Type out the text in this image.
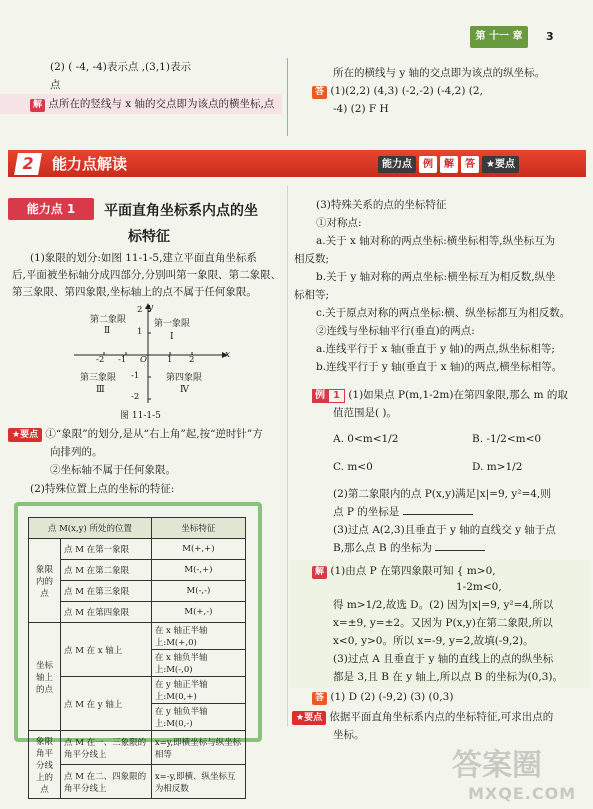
第 十一 章	3
(2) ( -4, -4)表示点 ,(3,1)表示
点
解 点所在的竖线与 x 轴的交点即为该点的横坐标,点
所在的横线与 y 轴的交点即为该点的纵坐标。
答 (1)(2,2) (4,3) (-2,-2) (-4,2) (2,
-4) (2) F H
2	能力点解读	能力点	例	解	答	★要点
能力点 1	平面直角坐标系内点的坐
标特征
(1)象限的划分:如图 11-1-5,建立平面直角坐标系
后,平面被坐标轴分成四部分,分别叫第一象限、第二象限、
第三象限、第四象限,坐标轴上的点不属于任何象限。
y
x
O
2
1
-2 -1	1 2
-1
-2
第二象限
Ⅱ
第一象限
Ⅰ
第三象限
Ⅲ
第四象限
Ⅳ
图 11-1-5
★要点 ①“象限”的划分,是从“右上角”起,按“逆时针”方
向排列的。
②坐标轴不属于任何象限。
(2)特殊位置上点的坐标的特征:
点 M(x,y) 所处的位置		坐标特征
象限内的点	点 M 在第一象限	M(+,+)
	点 M 在第二象限	M(-,+)
	点 M 在第三象限	M(-,-)
	点 M 在第四象限	M(+,-)
坐标轴上的点	点 M 在 x 轴上	在 x 轴正半轴上:M(+,0)
		在 x 轴负半轴上:M(-,0)
	点 M 在 y 轴上	在 y 轴正半轴上:M(0,+)
		在 y 轴负半轴上:M(0,-)
象限角平分线上的点	点 M 在一、三象限的角平分线上	x=y,即横坐标与纵坐标相等
	点 M 在二、四象限的角平分线上	x=-y,即横、纵坐标互为相反数
(3)特殊关系的点的坐标特征
①对称点:
a.关于 x 轴对称的两点坐标:横坐标相等,纵坐标互为
相反数;
b.关于 y 轴对称的两点坐标:横坐标互为相反数,纵坐
标相等;
c.关于原点对称的两点坐标:横、纵坐标都互为相反数。
②连线与坐标轴平行(垂直)的两点:
a.连线平行于 x 轴(垂直于 y 轴)的两点,纵坐标相等;
b.连线平行于 y 轴(垂直于 x 轴)的两点,横坐标相等。
例 1 (1)如果点 P(m,1-2m)在第四象限,那么 m 的取
值范围是( )。
A. 0<m<1/2	B. -1/2<m<0
C. m<0	D. m>1/2
(2)第二象限内的点 P(x,y)满足|x|=9, y²=4,则
点 P 的坐标是
(3)过点 A(2,3)且垂直于 y 轴的直线交 y 轴于点
B,那么点 B 的坐标为
解 (1)由点 P 在第四象限可知 { m>0,
1-2m<0,
得 m>1/2,故选 D。(2) 因为|x|=9, y²=4,所以
x=±9, y=±2。又因为 P(x,y)在第二象限,所以
x<0, y>0。所以 x=-9, y=2,故填(-9,2)。
(3)过点 A 且垂直于 y 轴的直线上的点的纵坐标
都是 3,且 B 在 y 轴上,所以点 B 的坐标为(0,3)。
答 (1) D (2) (-9,2) (3) (0,3)
★要点 依据平面直角坐标系内点的坐标特征,可求出点的
坐标。
答案圈
MXQE.COM
